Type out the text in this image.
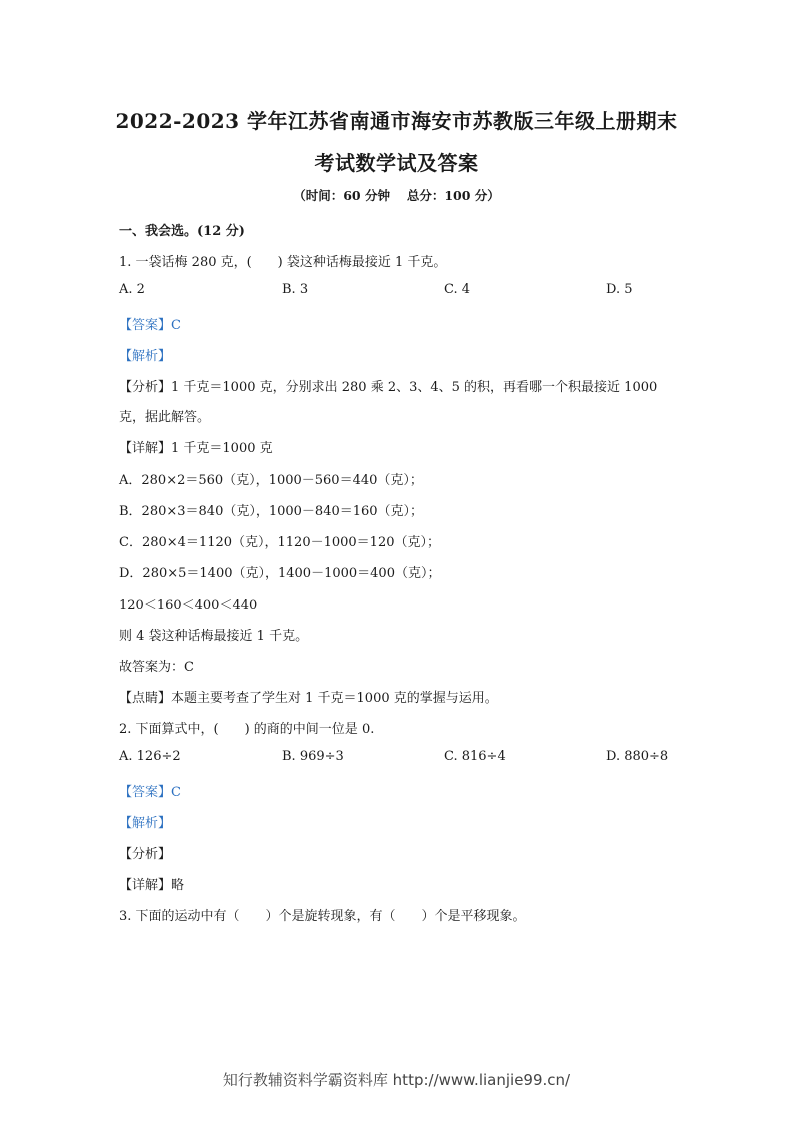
2022-2023 学年江苏省南通市海安市苏教版三年级上册期末
考试数学试及答案
（时间：60 分钟　 总分：100 分）
一、我会选。(12 分)
1. 一袋话梅 280 克，(　　) 袋这种话梅最接近 1 千克。
A. 2	B. 3	C. 4	D. 5
【答案】C
【解析】
【分析】1 千克＝1000 克，分别求出 280 乘 2、3、4、5 的积，再看哪一个积最接近 1000
克，据此解答。
【详解】1 千克＝1000 克
A．280×2＝560（克），1000－560＝440（克）；
B．280×3＝840（克），1000－840＝160（克）；
C．280×4＝1120（克），1120－1000＝120（克）；
D．280×5＝1400（克），1400－1000＝400（克）；
120＜160＜400＜440
则 4 袋这种话梅最接近 1 千克。
故答案为：C
【点睛】本题主要考查了学生对 1 千克＝1000 克的掌握与运用。
2. 下面算式中，(　　) 的商的中间一位是 0.
A. 126÷2	B. 969÷3	C. 816÷4	D. 880÷8
【答案】C
【解析】
【分析】
【详解】略
3. 下面的运动中有（　　）个是旋转现象，有（　　）个是平移现象。
知行教辅资料学霸资料库 http://www.lianjie99.cn/
